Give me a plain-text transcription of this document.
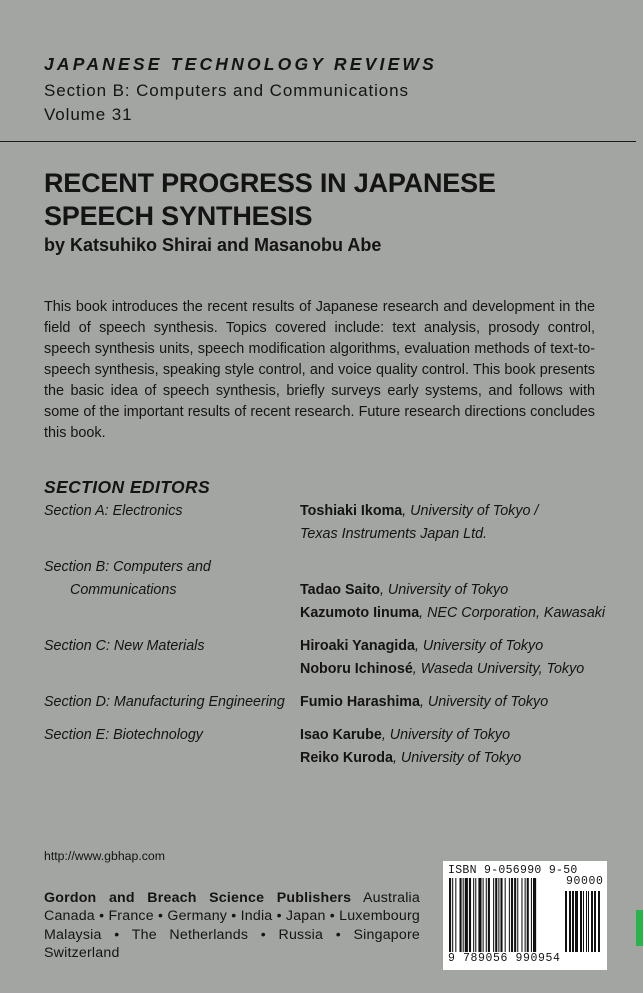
JAPANESE TECHNOLOGY REVIEWS
Section B: Computers and Communications
Volume 31
RECENT PROGRESS IN JAPANESE
SPEECH SYNTHESIS
by Katsuhiko Shirai and Masanobu Abe
This book introduces the recent results of Japanese research and development in the field of speech synthesis. Topics covered include: text analysis, prosody control, speech synthesis units, speech modification algorithms, evaluation methods of text-to-speech synthesis, speaking style control, and voice quality control. This book presents the basic idea of speech synthesis, briefly surveys early systems, and follows with some of the important results of recent research. Future research directions concludes this book.
SECTION EDITORS
Section A: Electronics	Toshiaki Ikoma, University of Tokyo /
Texas Instruments Japan Ltd.
Section B: Computers and
Communications	Tadao Saito, University of Tokyo
Kazumoto Iinuma, NEC Corporation, Kawasaki
Section C: New Materials	Hiroaki Yanagida, University of Tokyo
Noboru Ichinosé, Waseda University, Tokyo
Section D: Manufacturing Engineering Fumio Harashima, University of Tokyo
Section E: Biotechnology	Isao Karube, University of Tokyo
Reiko Kuroda, University of Tokyo
http://www.gbhap.com
Gordon and Breach Science Publishers Australia Canada • France • Germany • India • Japan • Luxembourg Malaysia • The Netherlands • Russia • Singapore Switzerland
ISBN 9-056990 9-50
90000
9 789056 990954
